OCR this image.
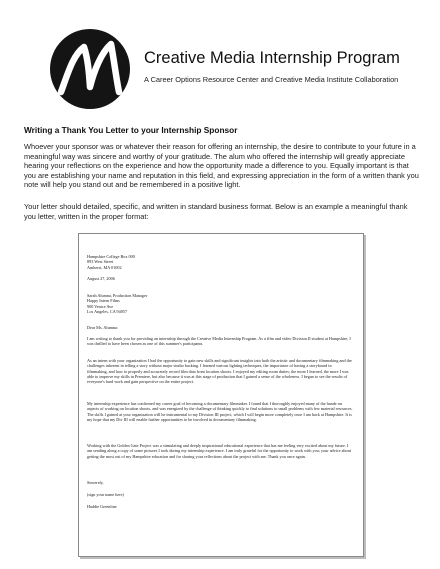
Creative Media Internship Program
A Career Options Resource Center and Creative Media Institute Collaboration
Writing a Thank You Letter to your Internship Sponsor

Whoever your sponsor was or whatever their reason for offering an internship, the desire to contribute to your future in a meaningful way was sincere and worthy of your gratitude. The alum who offered the internship will greatly appreciate hearing your reflections on the experience and how the opportunity made a difference to you. Equally important is that you are establishing your name and reputation in this field, and expressing appreciation in the form of a written thank you note will help you stand out and be remembered in a positive light.

Your letter should detailed, specific, and written in standard business format. Below is an example a meaningful thank you letter, written in the proper format:

Hampshire College Box 000
893 West Street
Amherst, MA 01002
August 27, 2006
Sarah Alumna, Production Manager
Happy Intern Films
900 Venice Ave
Los Angeles, CA 94057
Dear Ms. Alumna:

I am writing to thank you for providing an internship through the Creative Media Internship Program. As a film and video Division II student at Hampshire, I was thrilled to have been chosen as one of this summer's participants.

As an intern with your organization I had the opportunity to gain new skills and significant insights into both the artistic and documentary filmmaking and the challenges inherent in telling a story without major studio backing. I learned various lighting techniques, the importance of having a storyboard in filmmaking, and how to properly and accurately record film data from location shoots. I enjoyed my editing room duties; the more I learned, the more I was able to improve my skills in Premiere, but also because it was at this stage of production that I gained a sense of the wholeness. I began to see the results of everyone's hard work and gain perspective on the entire project.

My internship experience has confirmed my career goal of becoming a documentary filmmaker. I found that I thoroughly enjoyed many of the hands-on aspects of working on location shoots, and was energized by the challenge of thinking quickly to find solutions to small problems with few material resources. The skills I gained at your organization will be instrumental to my Division III project, which I will begin more completely once I am back at Hampshire. It is my hope that my Div III will enable further opportunities to be involved in documentary filmmaking.

Working with the Golden Gate Project was a stimulating and deeply inspirational educational experience that has me feeling very excited about my future. I am sending along a copy of some pictures I took during my internship experience. I am truly grateful for the opportunity to work with you; your advice about getting the most out of my Hampshire education and for sharing your reflections about the project with me. Thank you once again.

Sincerely,
(sign your name here)
Haddie Greenline
